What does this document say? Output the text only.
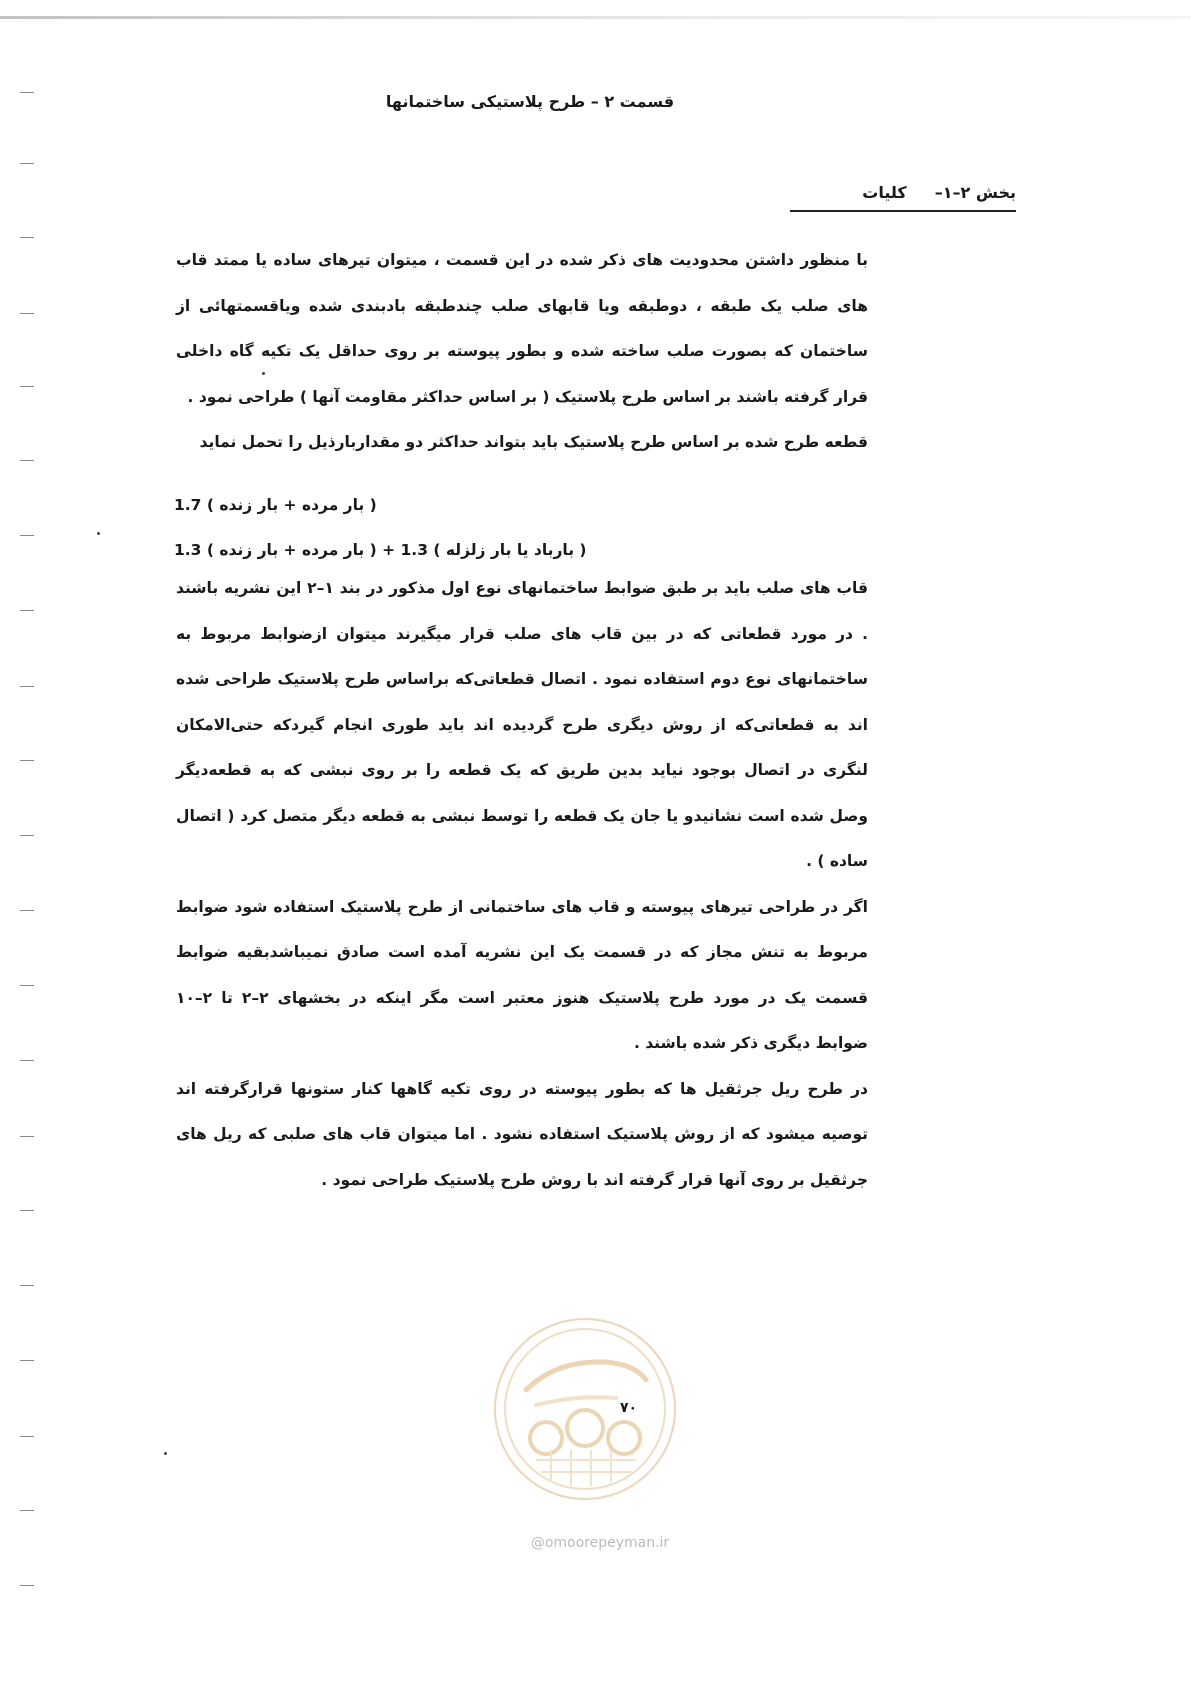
قسمت ۲ – طرح پلاستیکی ساختمانها
بخش ۲–۱–
کلیات

با منظور داشتن محدودیت های ذکر شده در این قسمت ، میتوان تیرهای ساده یا ممتد قاب های صلب یک طبقه ، دوطبقه ویا قابهای صلب چندطبقه بادبندی شده ویاقسمتهائی از ساختمان که بصورت صلب ساخته شده و بطور پیوسته بر روی حداقل یک تکیه گاه داخلی قرار گرفته باشند بر اساس طرح پلاستیک ( بر اساس حداکثر مقاومت آنها ) طراحی نمود .

قطعه طرح شده بر اساس طرح پلاستیک باید بتواند حداکثر دو مقداربارذیل را تحمل نماید

1.7 ( بار مرده + بار زنده )
1.3 ( بارباد یا بار زلزله ) 1.3 + ( بار مرده + بار زنده )

قاب های صلب باید بر طبق ضوابط ساختمانهای نوع اول مذکور در بند ۱–۲ این نشریه باشند . در مورد قطعاتی که در بین قاب های صلب قرار میگیرند میتوان ازضوابط مربوط به ساختمانهای نوع دوم استفاده نمود . اتصال قطعاتی‌که براساس طرح پلاستیک طراحی شده اند به قطعاتی‌که از روش دیگری طرح گردیده اند باید طوری انجام گیردکه حتی‌الامکان لنگری در اتصال بوجود نیاید بدین طریق که یک قطعه را بر روی نبشی که به قطعه‌دیگر وصل شده است نشانیدو یا جان یک قطعه را توسط نبشی به قطعه دیگر متصل کرد ( اتصال ساده ) .

اگر در طراحی تیرهای پیوسته و قاب های ساختمانی از طرح پلاستیک استفاده شود ضوابط مربوط به تنش مجاز که در قسمت یک این نشریه آمده است صادق نمیباشدبقیه ضوابط قسمت یک در مورد طرح پلاستیک هنوز معتبر است مگر اینکه در بخشهای ۲–۲ تا ۲–۱۰ ضوابط دیگری ذکر شده باشند .

در طرح ریل جرثقیل ها که بطور پیوسته در روی تکیه گاهها کنار ستونها قرارگرفته اند توصیه میشود که از روش پلاستیک استفاده نشود . اما میتوان قاب های صلبی که ریل های جرثقیل بر روی آنها قرار گرفته اند با روش طرح پلاستیک طراحی نمود .

۷۰
@omoorepeyman.ir
